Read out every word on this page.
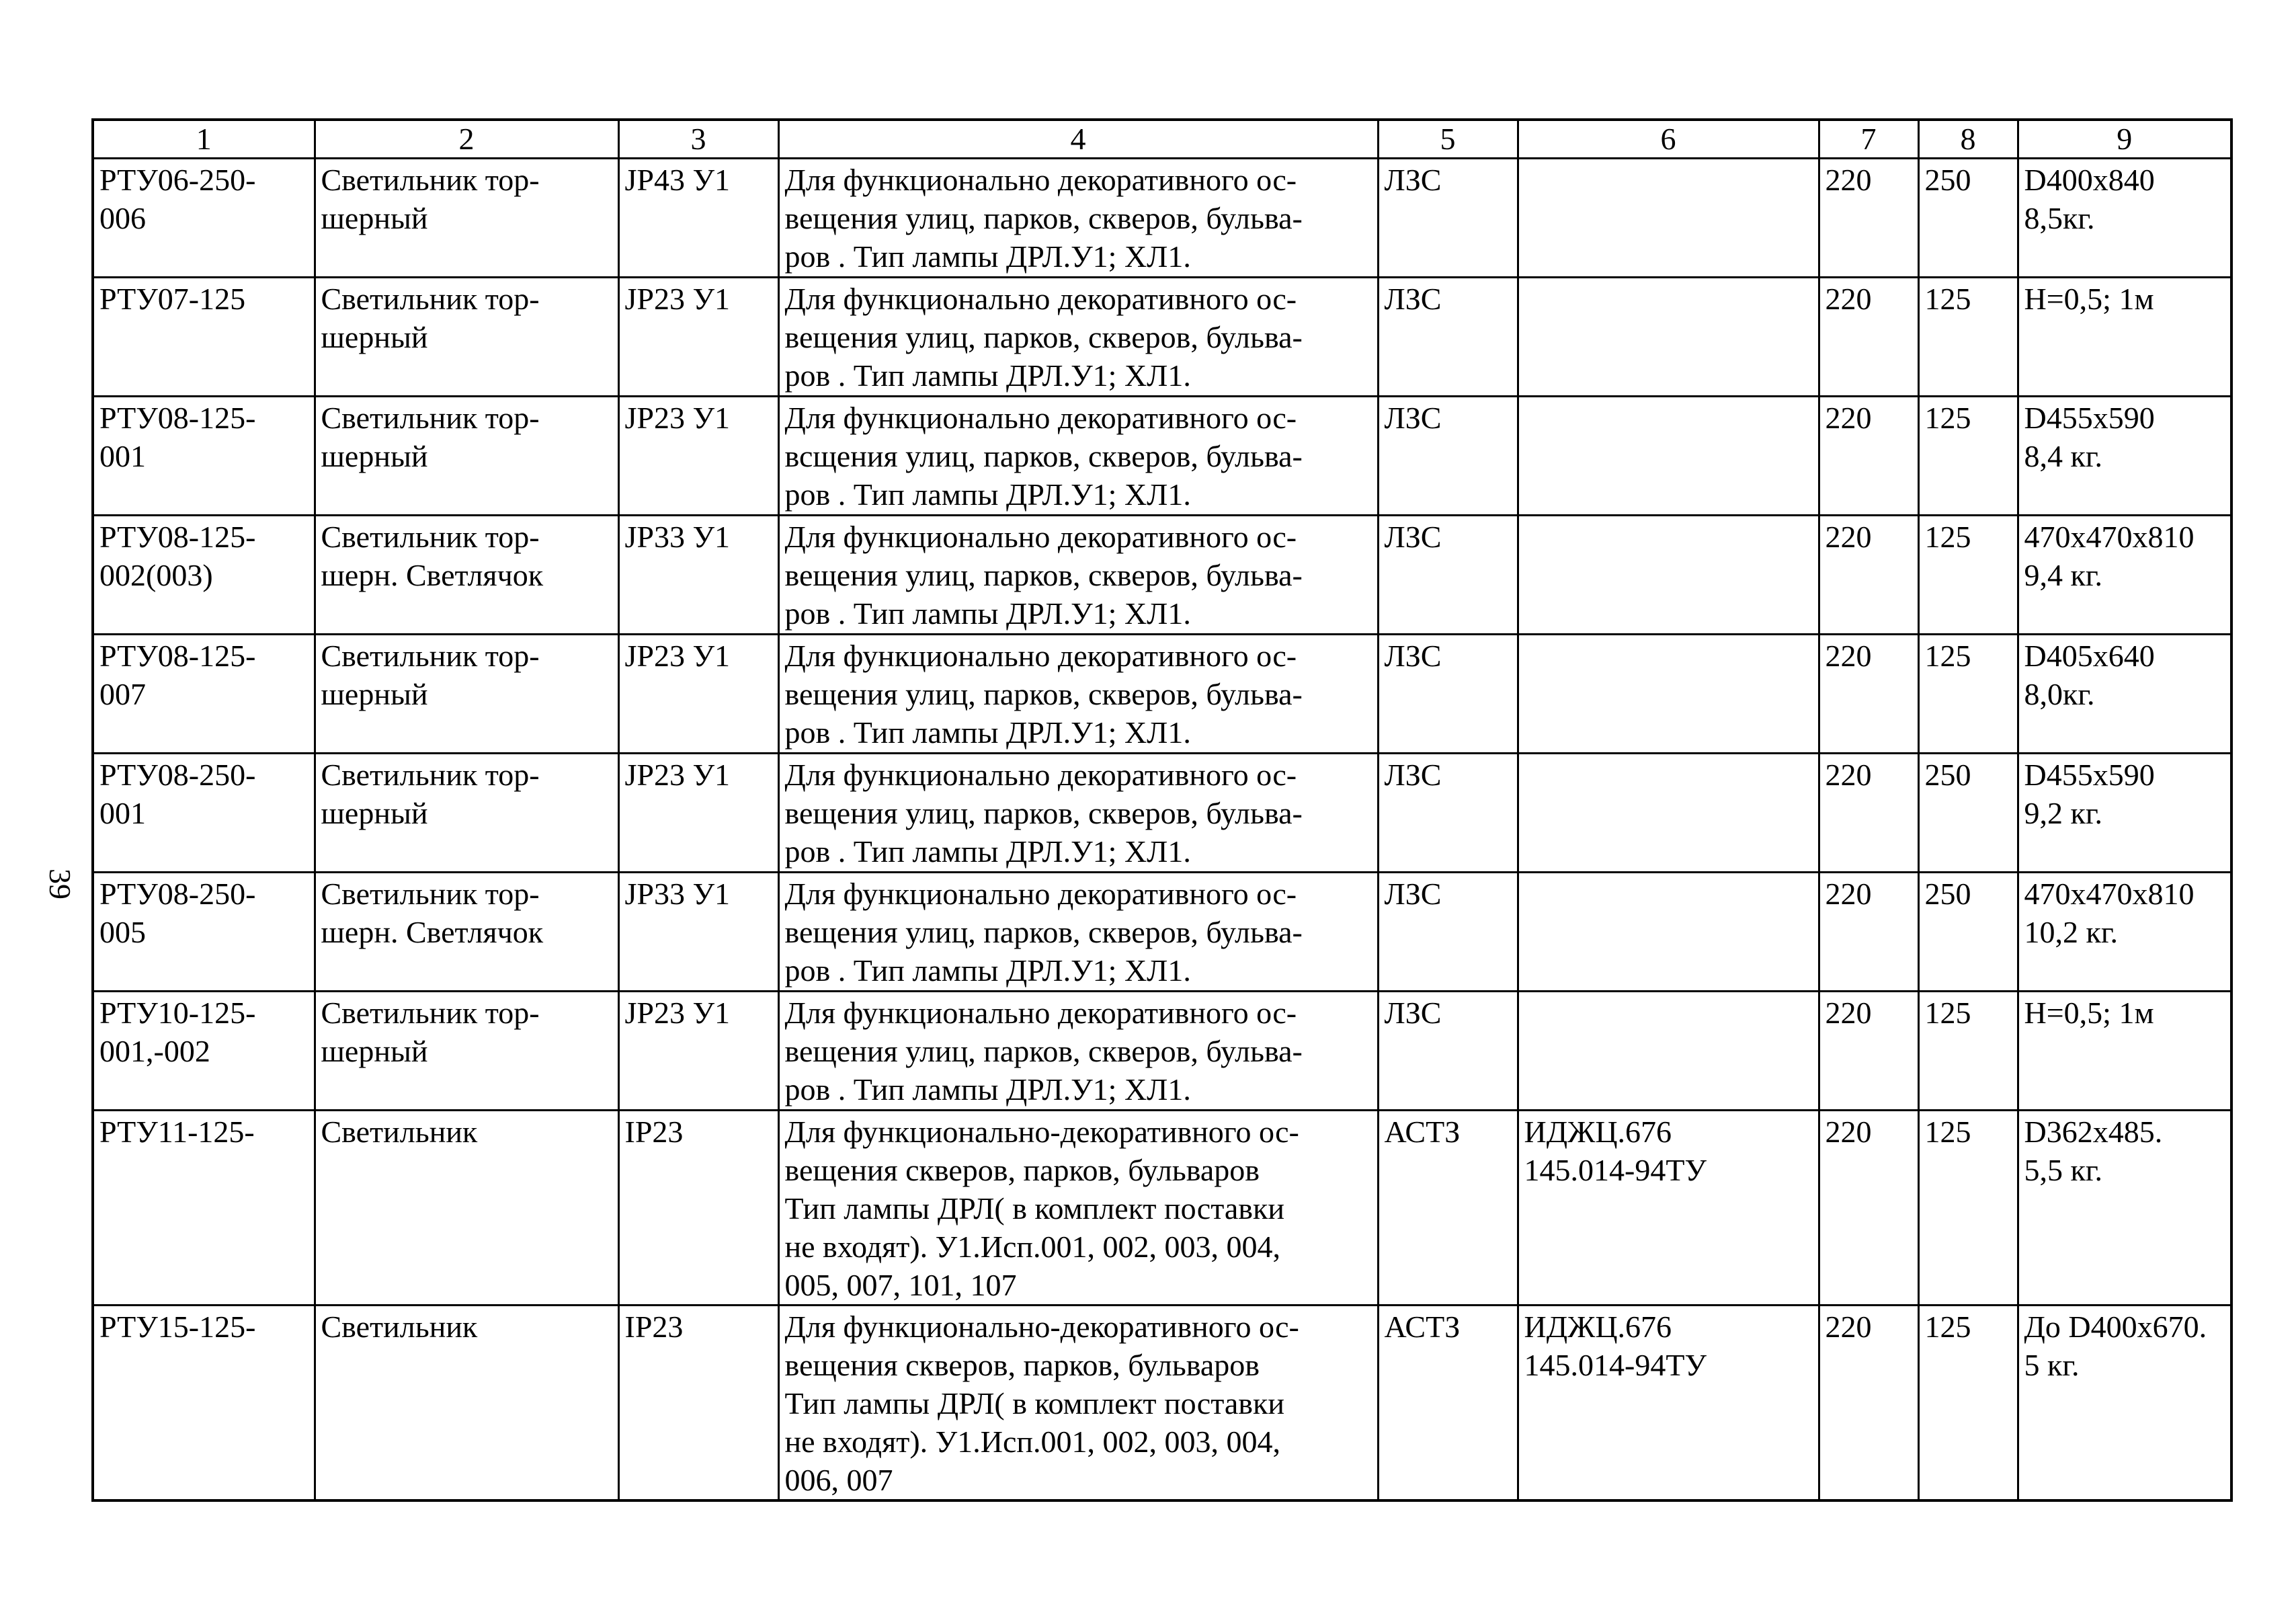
39
1	2	3	4	5	6	7	8	9
РТУ06-250-
006	Светильник тор-
шерный	JP43 У1	Для функционально декоративного ос-
вещения улиц, парков, скверов, бульва-
ров . Тип лампы ДРЛ.У1; ХЛ1.	ЛЗС		220	250	D400x840
8,5кг.
РТУ07-125	Светильник тор-
шерный	JP23 У1	Для функционально декоративного ос-
вещения улиц, парков, скверов, бульва-
ров . Тип лампы ДРЛ.У1; ХЛ1.	ЛЗС		220	125	Н=0,5; 1м
РТУ08-125-
001	Светильник тор-
шерный	JP23 У1	Для функционально декоративного ос-
всщения улиц, парков, скверов, бульва-
ров . Тип лампы ДРЛ.У1; ХЛ1.	ЛЗС		220	125	D455x590
8,4 кг.
РТУ08-125-
002(003)	Светильник тор-
шерн. Светлячок	JP33 У1	Для функционально декоративного ос-
вещения улиц, парков, скверов, бульва-
ров . Тип лампы ДРЛ.У1; ХЛ1.	ЛЗС		220	125	470x470x810
9,4 кг.
РТУ08-125-
007	Светильник тор-
шерный	JP23 У1	Для функционально декоративного ос-
вещения улиц, парков, скверов, бульва-
ров . Тип лампы ДРЛ.У1; ХЛ1.	ЛЗС		220	125	D405x640
8,0кг.
РТУ08-250-
001	Светильник тор-
шерный	JP23 У1	Для функционально декоративного ос-
вещения улиц, парков, скверов, бульва-
ров . Тип лампы ДРЛ.У1; ХЛ1.	ЛЗС		220	250	D455x590
9,2 кг.
РТУ08-250-
005	Светильник тор-
шерн. Светлячок	JP33 У1	Для функционально декоративного ос-
вещения улиц, парков, скверов, бульва-
ров . Тип лампы ДРЛ.У1; ХЛ1.	ЛЗС		220	250	470x470x810
10,2 кг.
РТУ10-125-
001,-002	Светильник тор-
шерный	JP23 У1	Для функционально декоративного ос-
вещения улиц, парков, скверов, бульва-
ров . Тип лампы ДРЛ.У1; ХЛ1.	ЛЗС		220	125	Н=0,5; 1м
РТУ11-125-	Светильник	IP23	Для функционально-декоративного ос-
вещения скверов, парков, бульваров
Тип лампы ДРЛ( в комплект поставки
не входят). У1.Исп.001, 002, 003, 004,
005, 007, 101, 107	АСТЗ	ИДЖЦ.676
145.014-94ТУ	220	125	D362x485.
5,5 кг.
РТУ15-125-	Светильник	IP23	Для функционально-декоративного ос-
вещения скверов, парков, бульваров
Тип лампы ДРЛ( в комплект поставки
не входят). У1.Исп.001, 002, 003, 004,
006, 007	АСТЗ	ИДЖЦ.676
145.014-94ТУ	220	125	До D400x670.
5 кг.
